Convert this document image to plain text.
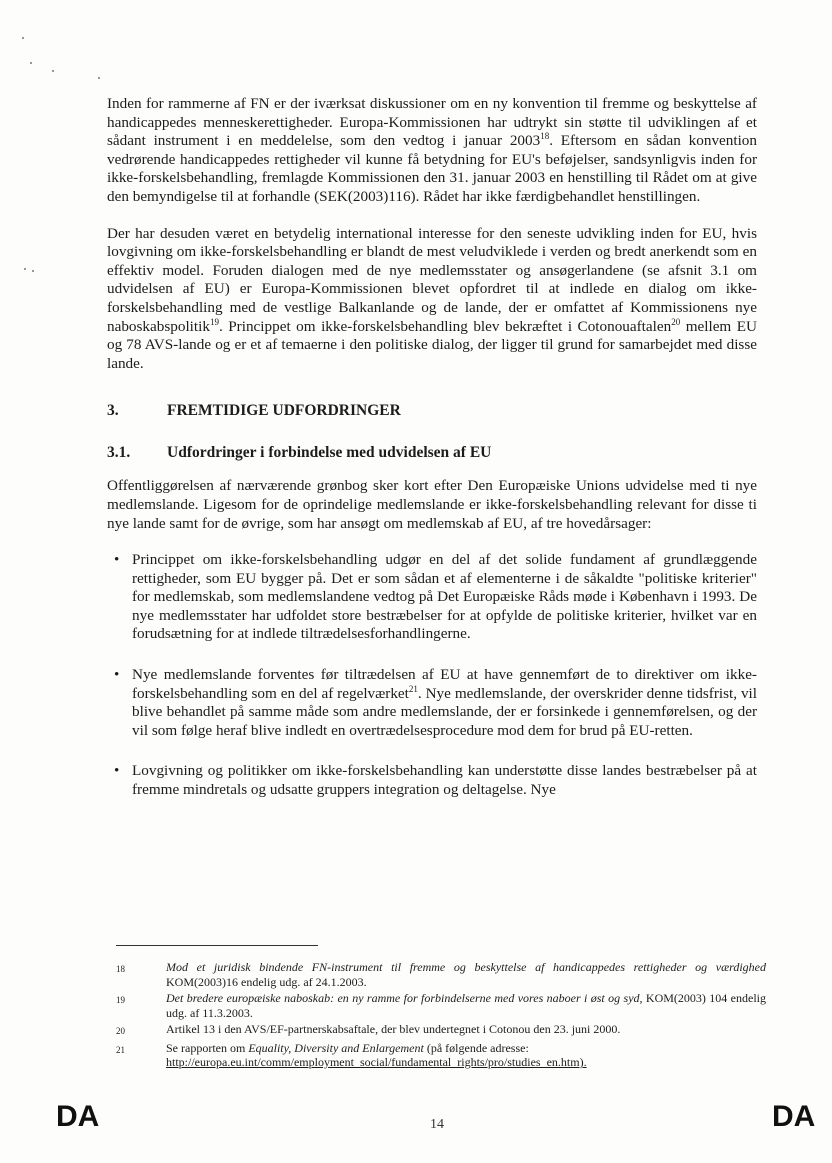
Inden for rammerne af FN er der iværksat diskussioner om en ny konvention til fremme og beskyttelse af handicappedes menneskerettigheder. Europa-Kommissionen har udtrykt sin støtte til udviklingen af et sådant instrument i en meddelelse, som den vedtog i januar 2003$^{18}$. Eftersom en sådan konvention vedrørende handicappedes rettigheder vil kunne få betydning for EU's beføjelser, sandsynligvis inden for ikke-forskelsbehandling, fremlagde Kommissionen den 31. januar 2003 en henstilling til Rådet om at give den bemyndigelse til at forhandle (SEK(2003)116). Rådet har ikke færdigbehandlet henstillingen.

Der har desuden været en betydelig international interesse for den seneste udvikling inden for EU, hvis lovgivning om ikke-forskelsbehandling er blandt de mest veludviklede i verden og bredt anerkendt som en effektiv model. Foruden dialogen med de nye medlemsstater og ansøgerlandene (se afsnit 3.1 om udvidelsen af EU) er Europa-Kommissionen blevet opfordret til at indlede en dialog om ikke-forskelsbehandling med de vestlige Balkanlande og de lande, der er omfattet af Kommissionens nye naboskabspolitik$^{19}$. Princippet om ikke-forskelsbehandling blev bekræftet i Cotonouaftalen$^{20}$ mellem EU og 78 AVS-lande og er et af temaerne i den politiske dialog, der ligger til grund for samarbejdet med disse lande.

3.	FREMTIDIGE UDFORDRINGER
3.1.	Udfordringer i forbindelse med udvidelsen af EU

Offentliggørelsen af nærværende grønbog sker kort efter Den Europæiske Unions udvidelse med ti nye medlemslande. Ligesom for de oprindelige medlemslande er ikke-forskelsbehandling relevant for disse ti nye lande samt for de øvrige, som har ansøgt om medlemskab af EU, af tre hovedårsager:

• Princippet om ikke-forskelsbehandling udgør en del af det solide fundament af grundlæggende rettigheder, som EU bygger på. Det er som sådan et af elementerne i de såkaldte "politiske kriterier" for medlemskab, som medlemslandene vedtog på Det Europæiske Råds møde i København i 1993. De nye medlemsstater har udfoldet store bestræbelser for at opfylde de politiske kriterier, hvilket var en forudsætning for at indlede tiltrædelsesforhandlingerne.
• Nye medlemslande forventes før tiltrædelsen af EU at have gennemført de to direktiver om ikke-forskelsbehandling som en del af regelværket$^{21}$. Nye medlemslande, der overskrider denne tidsfrist, vil blive behandlet på samme måde som andre medlemslande, der er forsinkede i gennemførelsen, og der vil som følge heraf blive indledt en overtrædelsesprocedure mod dem for brud på EU-retten.
• Lovgivning og politikker om ikke-forskelsbehandling kan understøtte disse landes bestræbelser på at fremme mindretals og udsatte gruppers integration og deltagelse. Nye
18	Mod et juridisk bindende FN-instrument til fremme og beskyttelse af handicappedes rettigheder og værdighed KOM(2003)16 endelig udg. af 24.1.2003.
19	Det bredere europæiske naboskab: en ny ramme for forbindelserne med vores naboer i øst og syd, KOM(2003) 104 endelig udg. af 11.3.2003.
20	Artikel 13 i den AVS/EF-partnerskabsaftale, der blev undertegnet i Cotonou den 23. juni 2000.
21	Se rapporten om Equality, Diversity and Enlargement (på følgende adresse:
http://europa.eu.int/comm/employment_social/fundamental_rights/pro/studies_en.htm).
DA	14	DA
